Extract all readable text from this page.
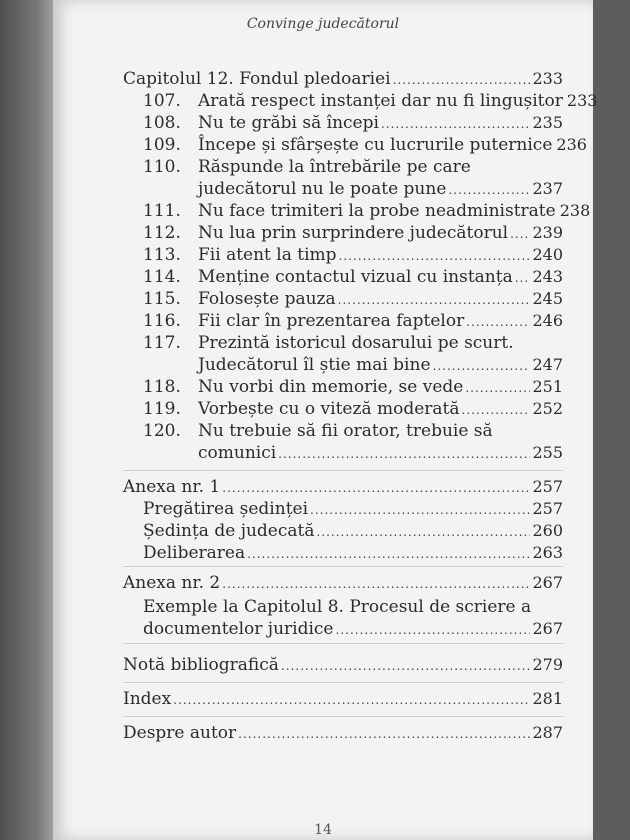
Convinge judecătorul
Capitolul 12. Fondul pledoariei .....	233
107.	Arată respect instanței dar nu fi lingușitor 233
108.	Nu te grăbi să începi .....	235
109.	Începe și sfârșește cu lucrurile puternice 236
110. Răspunde la întrebările pe care
judecătorul nu le poate pune .....	237
111.	Nu face trimiteri la probe neadministrate 238
112.	Nu lua prin surprindere judecătorul ..... 239
113.	Fii atent la timp .....	240
114.	Menține contactul vizual cu instanța ..... 243
115.	Folosește pauza .....	245
116.	Fii clar în prezentarea faptelor .....	246
117. Prezintă istoricul dosarului pe scurt.
Judecătorul îl știe mai bine .....	247
118.	Nu vorbi din memorie, se vede .....	251
119.	Vorbește cu o viteză moderată .....	252
120. Nu trebuie să fii orator, trebuie să
comunici .....	255
Anexa nr. 1 .....	257
Pregătirea ședinței .....	257
Ședința de judecată .....	260
Deliberarea .....	263
Anexa nr. 2 .....	267
Exemple la Capitolul 8. Procesul de scriere a
documentelor juridice .....	267
Notă bibliografică .....	279
Index .....	281
Despre autor .....	287
14
